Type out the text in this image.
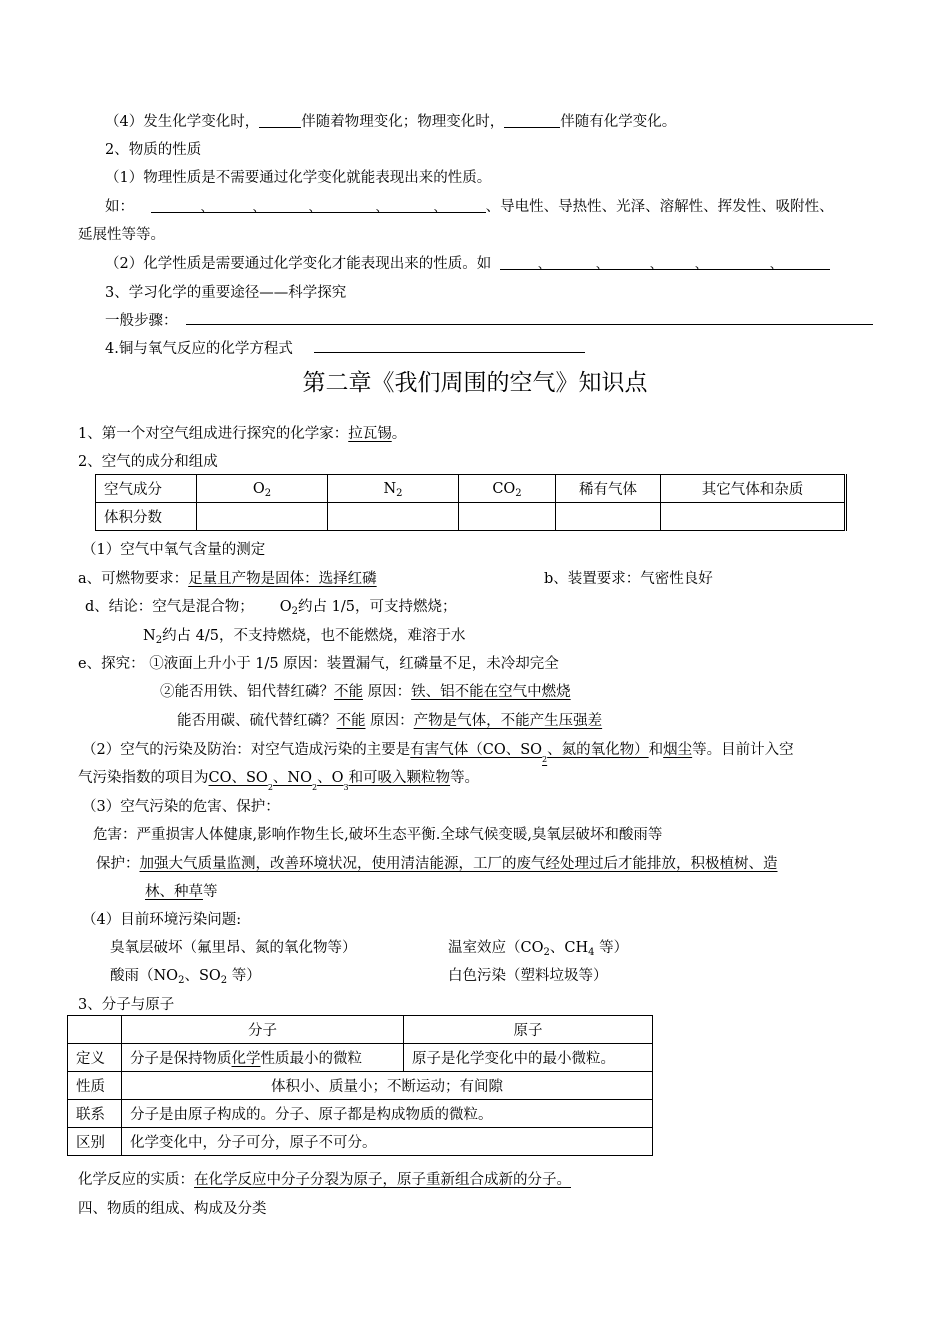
（4）发生化学变化时，	伴随着物理变化；物理变化时，	伴随有化学变化。
2、物质的性质
（1）物理性质是不需要通过化学变化就能表现出来的性质。
如：	、	、	、	、	、	、导电性、导热性、光泽、溶解性、挥发性、吸附性、
延展性等等。
（2）化学性质是需要通过化学变化才能表现出来的性质。如	、	、	、	、	、
3、学习化学的重要途径——科学探究
一般步骤：
4.铜与氧气反应的化学方程式
第二章《我们周围的空气》知识点
1、第一个对空气组成进行探究的化学家：拉瓦锡。
2、空气的成分和组成
空气成分	$O_2$	$N_2$	$CO_2$	稀有气体	其它气体和杂质
体积分数					
（1）空气中氧气含量的测定
a、可燃物要求：足量且产物是固体：选择红磷	b、装置要求：气密性良好
d、结论：空气是混合物； $O_2$约占 1/5，可支持燃烧；
$N_2$约占 4/5，不支持燃烧，也不能燃烧，难溶于水
e、探究： ①液面上升小于 1/5 原因：装置漏气，红磷量不足，未冷却完全
②能否用铁、铝代替红磷？不能 原因：铁、铝不能在空气中燃烧
能否用碳、硫代替红磷？不能 原因：产物是气体，不能产生压强差
（2）空气的污染及防治：对空气造成污染的主要是有害气体（CO、$SO_2$、氮的氧化物）和烟尘等。目前计入空
气污染指数的项目为CO、$SO_2$、$NO_2$、$O_3$和可吸入颗粒物等。
（3）空气污染的危害、保护：
危害：严重损害人体健康,影响作物生长,破坏生态平衡.全球气候变暖,臭氧层破坏和酸雨等
保护：加强大气质量监测，改善环境状况，使用清洁能源，工厂的废气经处理过后才能排放，积极植树、造
林、种草等
（4）目前环境污染问题:
臭氧层破坏（氟里昂、氮的氧化物等）	温室效应（$CO_2$、$CH_4$ 等）
酸雨（$NO_2$、$SO_2$ 等）	白色污染（塑料垃圾等）
3、分子与原子
	分子	原子
定义	分子是保持物质化学性质最小的微粒	原子是化学变化中的最小微粒。
性质	体积小、质量小；不断运动；有间隙	
联系	分子是由原子构成的。分子、原子都是构成物质的微粒。	
区别	化学变化中，分子可分，原子不可分。	
化学反应的实质：在化学反应中分子分裂为原子，原子重新组合成新的分子。
四、物质的组成、构成及分类
